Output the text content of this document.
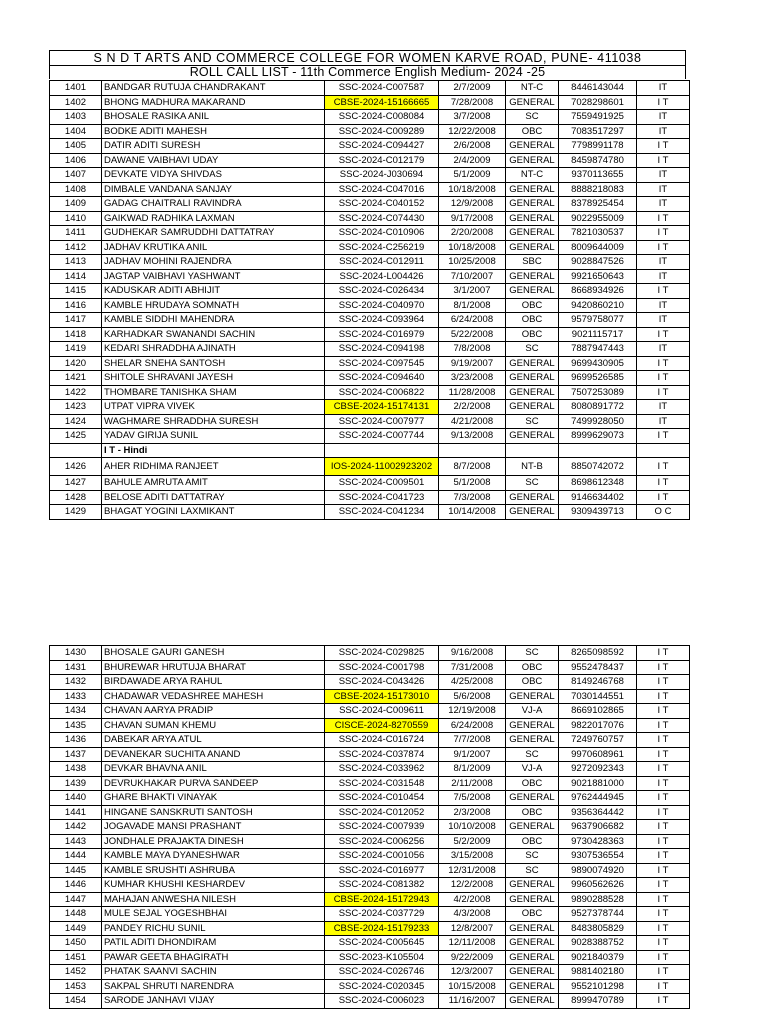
S N D T ARTS AND COMMERCE COLLEGE FOR WOMEN KARVE ROAD, PUNE- 411038
ROLL CALL LIST - 11th Commerce English Medium- 2024 -25
1401	BANDGAR RUTUJA CHANDRAKANT	SSC-2024-C007587	2/7/2009	NT-C	8446143044	IT
1402	BHONG MADHURA MAKARAND	CBSE-2024-15166665	7/28/2008	GENERAL	7028298601	I T
1403	BHOSALE RASIKA ANIL	SSC-2024-C008084	3/7/2008	SC	7559491925	IT
1404	BODKE ADITI MAHESH	SSC-2024-C009289	12/22/2008	OBC	7083517297	IT
1405	DATIR ADITI SURESH	SSC-2024-C094427	2/6/2008	GENERAL	7798991178	I T
1406	DAWANE VAIBHAVI UDAY	SSC-2024-C012179	2/4/2009	GENERAL	8459874780	I T
1407	DEVKATE VIDYA SHIVDAS	SSC-2024-J030694	5/1/2009	NT-C	9370113655	IT
1408	DIMBALE VANDANA SANJAY	SSC-2024-C047016	10/18/2008	GENERAL	8888218083	IT
1409	GADAG CHAITRALI RAVINDRA	SSC-2024-C040152	12/9/2008	GENERAL	8378925454	IT
1410	GAIKWAD RADHIKA LAXMAN	SSC-2024-C074430	9/17/2008	GENERAL	9022955009	I T
1411	GUDHEKAR SAMRUDDHI DATTATRAY	SSC-2024-C010906	2/20/2008	GENERAL	7821030537	I T
1412	JADHAV KRUTIKA ANIL	SSC-2024-C256219	10/18/2008	GENERAL	8009644009	I T
1413	JADHAV MOHINI RAJENDRA	SSC-2024-C012911	10/25/2008	SBC	9028847526	IT
1414	JAGTAP VAIBHAVI YASHWANT	SSC-2024-L004426	7/10/2007	GENERAL	9921650643	IT
1415	KADUSKAR ADITI ABHIJIT	SSC-2024-C026434	3/1/2007	GENERAL	8668934926	I T
1416	KAMBLE HRUDAYA SOMNATH	SSC-2024-C040970	8/1/2008	OBC	9420860210	IT
1417	KAMBLE SIDDHI MAHENDRA	SSC-2024-C093964	6/24/2008	OBC	9579758077	IT
1418	KARHADKAR SWANANDI SACHIN	SSC-2024-C016979	5/22/2008	OBC	9021115717	I T
1419	KEDARI SHRADDHA AJINATH	SSC-2024-C094198	7/8/2008	SC	7887947443	IT
1420	SHELAR SNEHA SANTOSH	SSC-2024-C097545	9/19/2007	GENERAL	9699430905	I T
1421	SHITOLE SHRAVANI JAYESH	SSC-2024-C094640	3/23/2008	GENERAL	9699526585	I T
1422	THOMBARE TANISHKA SHAM	SSC-2024-C006822	11/28/2008	GENERAL	7507253089	I T
1423	UTPAT VIPRA VIVEK	CBSE-2024-15174131	2/2/2008	GENERAL	8080891772	IT
1424	WAGHMARE SHRADDHA SURESH	SSC-2024-C007977	4/21/2008	SC	7499928050	IT
1425	YADAV GIRIJA SUNIL	SSC-2024-C007744	9/13/2008	GENERAL	8999629073	I T
	I T - Hindi					
1426	AHER RIDHIMA RANJEET	IOS-2024-11002923202	8/7/2008	NT-B	8850742072	I T
1427	BAHULE AMRUTA AMIT	SSC-2024-C009501	5/1/2008	SC	8698612348	I T
1428	BELOSE ADITI DATTATRAY	SSC-2024-C041723	7/3/2008	GENERAL	9146634402	I T
1429	BHAGAT YOGINI LAXMIKANT	SSC-2024-C041234	10/14/2008	GENERAL	9309439713	O C
1430	BHOSALE GAURI GANESH	SSC-2024-C029825	9/16/2008	SC	8265098592	I T
1431	BHUREWAR HRUTUJA BHARAT	SSC-2024-C001798	7/31/2008	OBC	9552478437	I T
1432	BIRDAWADE ARYA RAHUL	SSC-2024-C043426	4/25/2008	OBC	8149246768	I T
1433	CHADAWAR VEDASHREE MAHESH	CBSE-2024-15173010	5/6/2008	GENERAL	7030144551	I T
1434	CHAVAN AARYA PRADIP	SSC-2024-C009611	12/19/2008	VJ-A	8669102865	I T
1435	CHAVAN SUMAN KHEMU	CISCE-2024-8270559	6/24/2008	GENERAL	9822017076	I T
1436	DABEKAR ARYA ATUL	SSC-2024-C016724	7/7/2008	GENERAL	7249760757	I T
1437	DEVANEKAR SUCHITA ANAND	SSC-2024-C037874	9/1/2007	SC	9970608961	I T
1438	DEVKAR BHAVNA ANIL	SSC-2024-C033962	8/1/2009	VJ-A	9272092343	I T
1439	DEVRUKHAKAR PURVA SANDEEP	SSC-2024-C031548	2/11/2008	OBC	9021881000	I T
1440	GHARE BHAKTI VINAYAK	SSC-2024-C010454	7/5/2008	GENERAL	9762444945	I T
1441	HINGANE SANSKRUTI SANTOSH	SSC-2024-C012052	2/3/2008	OBC	9356364442	I T
1442	JOGAVADE MANSI PRASHANT	SSC-2024-C007939	10/10/2008	GENERAL	9637906682	I T
1443	JONDHALE PRAJAKTA DINESH	SSC-2024-C006256	5/2/2009	OBC	9730428363	I T
1444	KAMBLE MAYA DYANESHWAR	SSC-2024-C001056	3/15/2008	SC	9307536554	I T
1445	KAMBLE SRUSHTI ASHRUBA	SSC-2024-C016977	12/31/2008	SC	9890074920	I T
1446	KUMHAR KHUSHI KESHARDEV	SSC-2024-C081382	12/2/2008	GENERAL	9960562626	I T
1447	MAHAJAN ANWESHA NILESH	CBSE-2024-15172943	4/2/2008	GENERAL	9890288528	I T
1448	MULE SEJAL YOGESHBHAI	SSC-2024-C037729	4/3/2008	OBC	9527378744	I T
1449	PANDEY RICHU SUNIL	CBSE-2024-15179233	12/8/2007	GENERAL	8483805829	I T
1450	PATIL ADITI DHONDIRAM	SSC-2024-C005645	12/11/2008	GENERAL	9028388752	I T
1451	PAWAR GEETA BHAGIRATH	SSC-2023-K105504	9/22/2009	GENERAL	9021840379	I T
1452	PHATAK SAANVI SACHIN	SSC-2024-C026746	12/3/2007	GENERAL	9881402180	I T
1453	SAKPAL SHRUTI NARENDRA	SSC-2024-C020345	10/15/2008	GENERAL	9552101298	I T
1454	SARODE JANHAVI VIJAY	SSC-2024-C006023	11/16/2007	GENERAL	8999470789	I T
